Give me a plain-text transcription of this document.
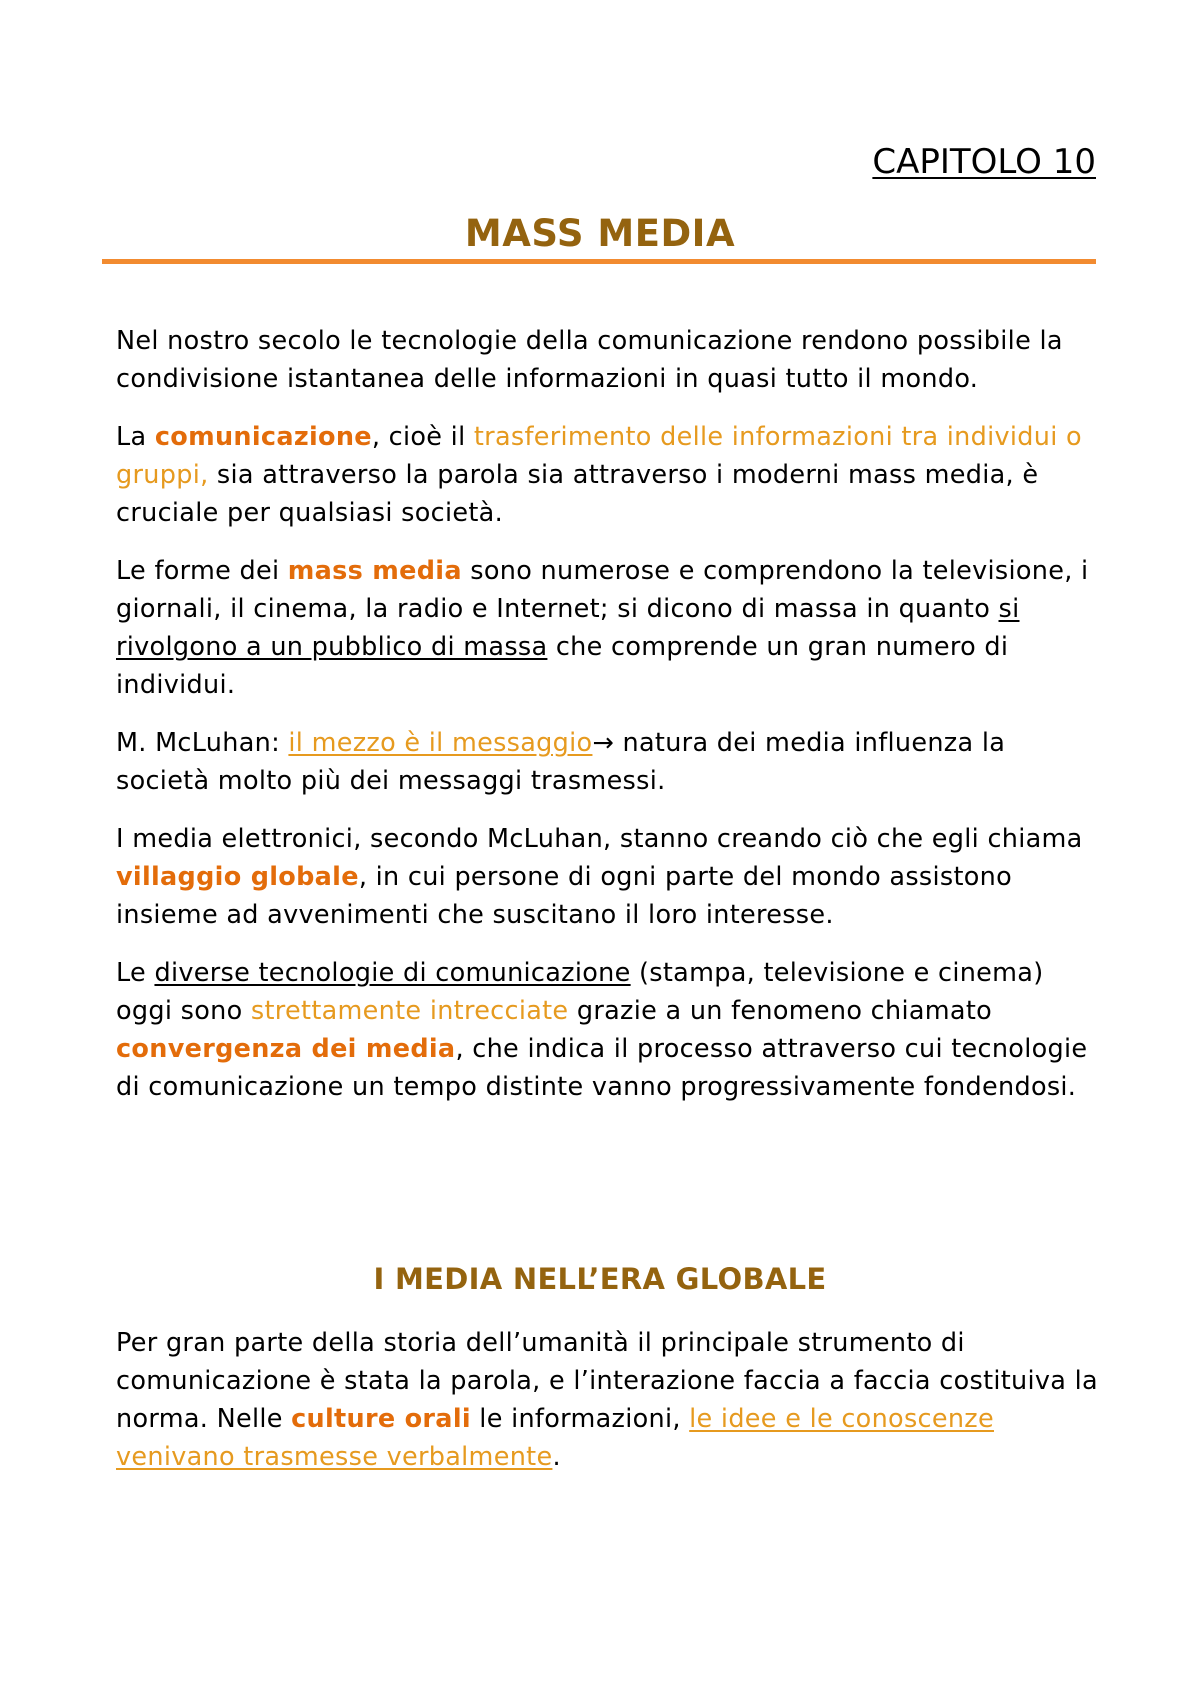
CAPITOLO 10
MASS MEDIA

Nel nostro secolo le tecnologie della comunicazione rendono possibile la condivisione istantanea delle informazioni in quasi tutto il mondo.

La comunicazione, cioè il trasferimento delle informazioni tra individui o gruppi, sia attraverso la parola sia attraverso i moderni mass media, è cruciale per qualsiasi società.

Le forme dei mass media sono numerose e comprendono la televisione, i giornali, il cinema, la radio e Internet; si dicono di massa in quanto si rivolgono a un pubblico di massa che comprende un gran numero di individui.

M. McLuhan: il mezzo è il messaggio→ natura dei media influenza la società molto più dei messaggi trasmessi.

I media elettronici, secondo McLuhan, stanno creando ciò che egli chiama villaggio globale, in cui persone di ogni parte del mondo assistono insieme ad avvenimenti che suscitano il loro interesse.

Le diverse tecnologie di comunicazione (stampa, televisione e cinema) oggi sono strettamente intrecciate grazie a un fenomeno chiamato convergenza dei media, che indica il processo attraverso cui tecnologie di comunicazione un tempo distinte vanno progressivamente fondendosi.

I MEDIA NELL’ERA GLOBALE

Per gran parte della storia dell’umanità il principale strumento di comunicazione è stata la parola, e l’interazione faccia a faccia costituiva la norma. Nelle culture orali le informazioni, le idee e le conoscenze venivano trasmesse verbalmente.
